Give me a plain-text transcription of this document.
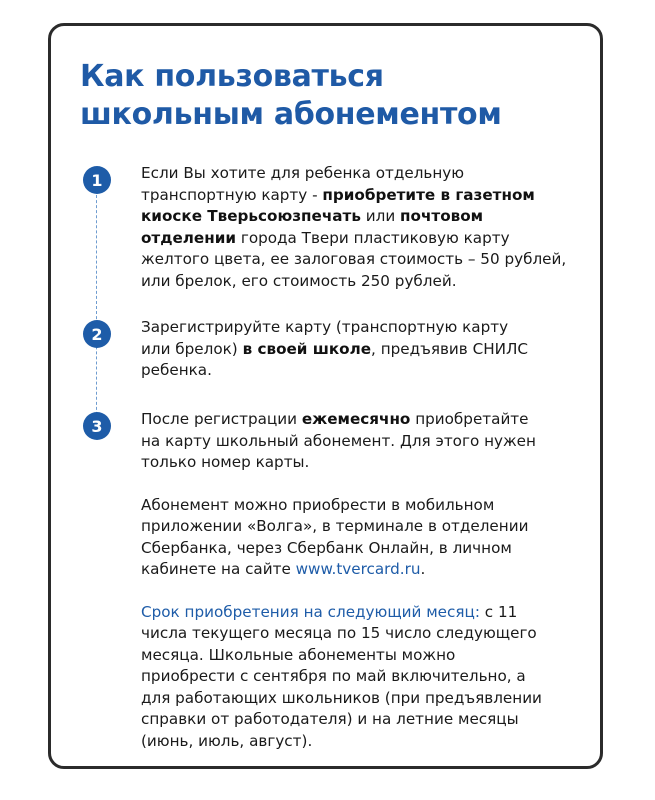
Как пользоваться
школьным абонементом
1	Если Вы хотите для ребенка отдельную транспортную карту - приобретите в газетном киоске Тверьсоюзпечать или почтовом отделении города Твери пластиковую карту желтого цвета, ее залоговая стоимость – 50 рублей, или брелок, его стоимость 250 рублей.

2	Зарегистрируйте карту (транспортную карту или брелок) в своей школе, предъявив СНИЛС ребенка.

3	После регистрации ежемесячно приобретайте на карту школьный абонемент. Для этого нужен только номер карты.

Абонемент можно приобрести в мобильном приложении «Волга», в терминале в отделении Сбербанка, через Сбербанк Онлайн, в личном кабинете на сайте www.tvercard.ru.

Срок приобретения на следующий месяц: с 11 числа текущего месяца по 15 число следующего месяца. Школьные абонементы можно приобрести с сентября по май включительно, а для работающих школьников (при предъявлении справки от работодателя) и на летние месяцы (июнь, июль, август).
